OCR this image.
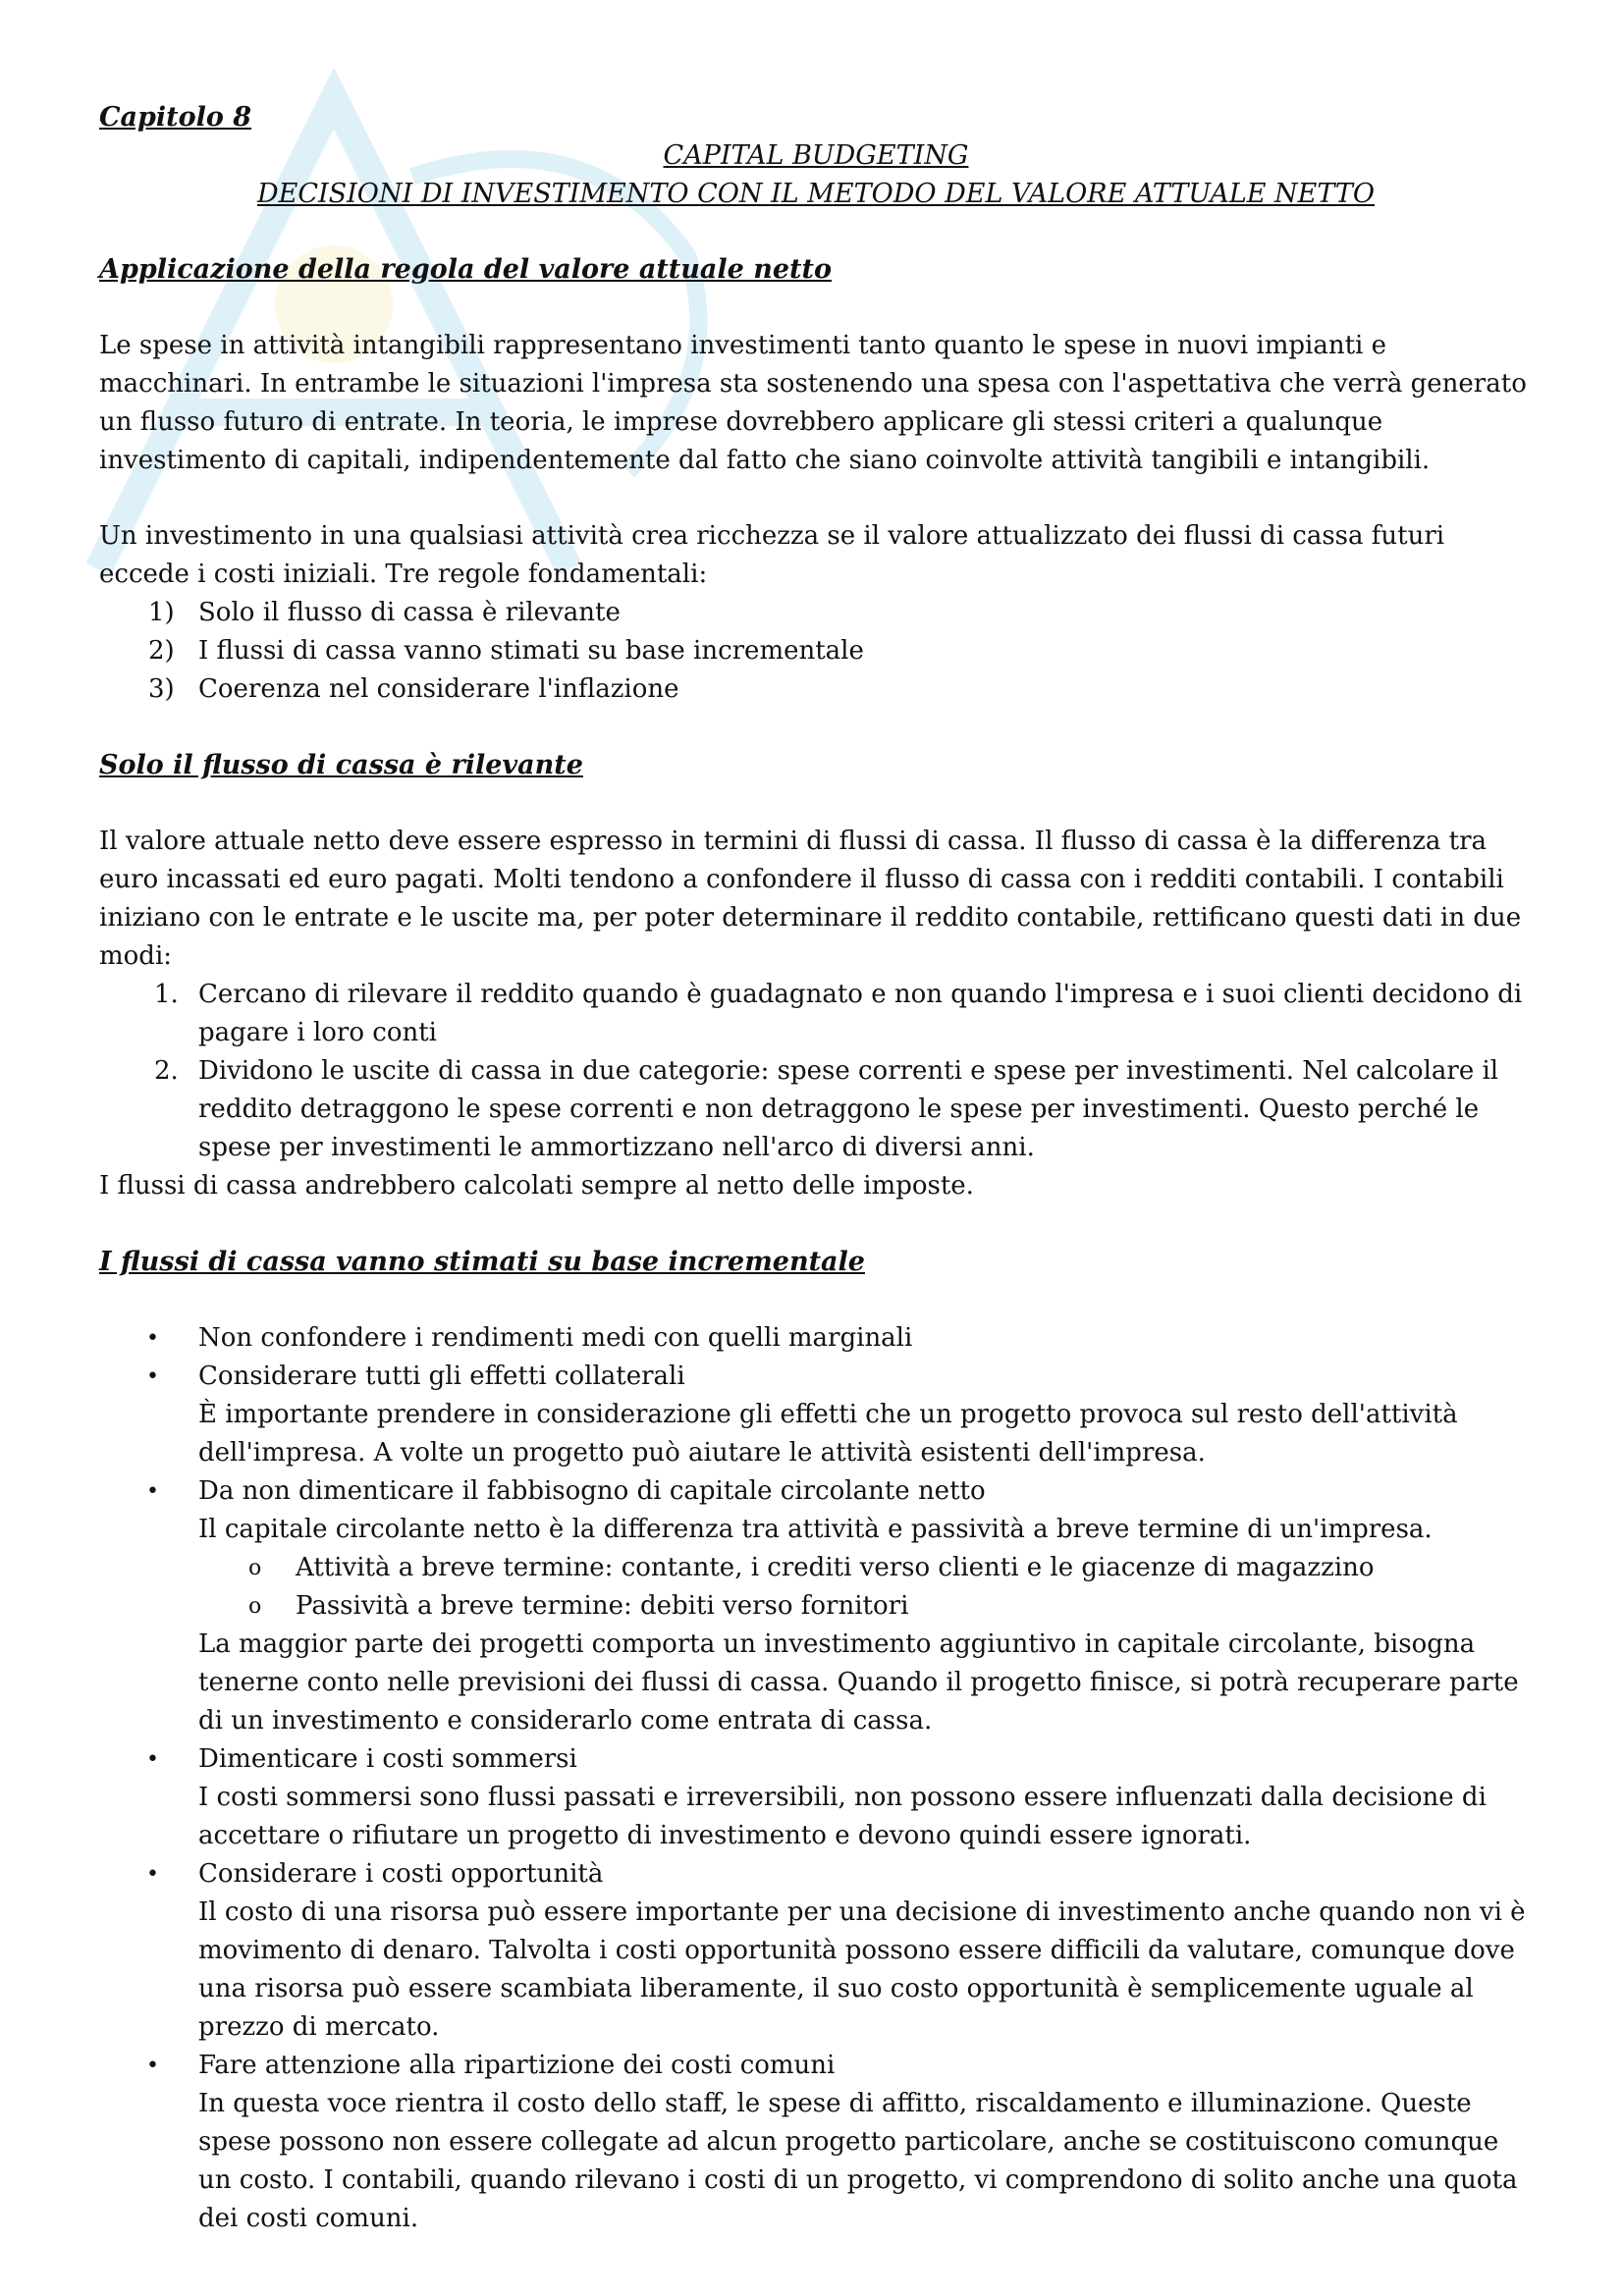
Capitolo 8
CAPITAL BUDGETING
DECISIONI DI INVESTIMENTO CON IL METODO DEL VALORE ATTUALE NETTO
Applicazione della regola del valore attuale netto

Le spese in attività intangibili rappresentano investimenti tanto quanto le spese in nuovi impianti e macchinari. In entrambe le situazioni l'impresa sta sostenendo una spesa con l'aspettativa che verrà generato un flusso futuro di entrate. In teoria, le imprese dovrebbero applicare gli stessi criteri a qualunque investimento di capitali, indipendentemente dal fatto che siano coinvolte attività tangibili e intangibili.

Un investimento in una qualsiasi attività crea ricchezza se il valore attualizzato dei flussi di cassa futuri eccede i costi iniziali. Tre regole fondamentali:

1) Solo il flusso di cassa è rilevante
2) I flussi di cassa vanno stimati su base incrementale
3) Coerenza nel considerare l'inflazione
Solo il flusso di cassa è rilevante

Il valore attuale netto deve essere espresso in termini di flussi di cassa. Il flusso di cassa è la differenza tra euro incassati ed euro pagati. Molti tendono a confondere il flusso di cassa con i redditi contabili. I contabili iniziano con le entrate e le uscite ma, per poter determinare il reddito contabile, rettificano questi dati in due modi:

1. Cercano di rilevare il reddito quando è guadagnato e non quando l'impresa e i suoi clienti decidono di pagare i loro conti
2. Dividono le uscite di cassa in due categorie: spese correnti e spese per investimenti. Nel calcolare il reddito detraggono le spese correnti e non detraggono le spese per investimenti. Questo perché le spese per investimenti le ammortizzano nell'arco di diversi anni.

I flussi di cassa andrebbero calcolati sempre al netto delle imposte.

I flussi di cassa vanno stimati su base incrementale
• Non confondere i rendimenti medi con quelli marginali
• Considerare tutti gli effetti collaterali
È importante prendere in considerazione gli effetti che un progetto provoca sul resto dell'attività dell'impresa. A volte un progetto può aiutare le attività esistenti dell'impresa.
• Da non dimenticare il fabbisogno di capitale circolante netto
Il capitale circolante netto è la differenza tra attività e passività a breve termine di un'impresa.
o Attività a breve termine: contante, i crediti verso clienti e le giacenze di magazzino
o Passività a breve termine: debiti verso fornitori
La maggior parte dei progetti comporta un investimento aggiuntivo in capitale circolante, bisogna tenerne conto nelle previsioni dei flussi di cassa. Quando il progetto finisce, si potrà recuperare parte di un investimento e considerarlo come entrata di cassa.
• Dimenticare i costi sommersi
I costi sommersi sono flussi passati e irreversibili, non possono essere influenzati dalla decisione di accettare o rifiutare un progetto di investimento e devono quindi essere ignorati.
• Considerare i costi opportunità
Il costo di una risorsa può essere importante per una decisione di investimento anche quando non vi è movimento di denaro. Talvolta i costi opportunità possono essere difficili da valutare, comunque dove una risorsa può essere scambiata liberamente, il suo costo opportunità è semplicemente uguale al prezzo di mercato.
• Fare attenzione alla ripartizione dei costi comuni
In questa voce rientra il costo dello staff, le spese di affitto, riscaldamento e illuminazione. Queste spese possono non essere collegate ad alcun progetto particolare, anche se costituiscono comunque un costo. I contabili, quando rilevano i costi di un progetto, vi comprendono di solito anche una quota dei costi comuni.
